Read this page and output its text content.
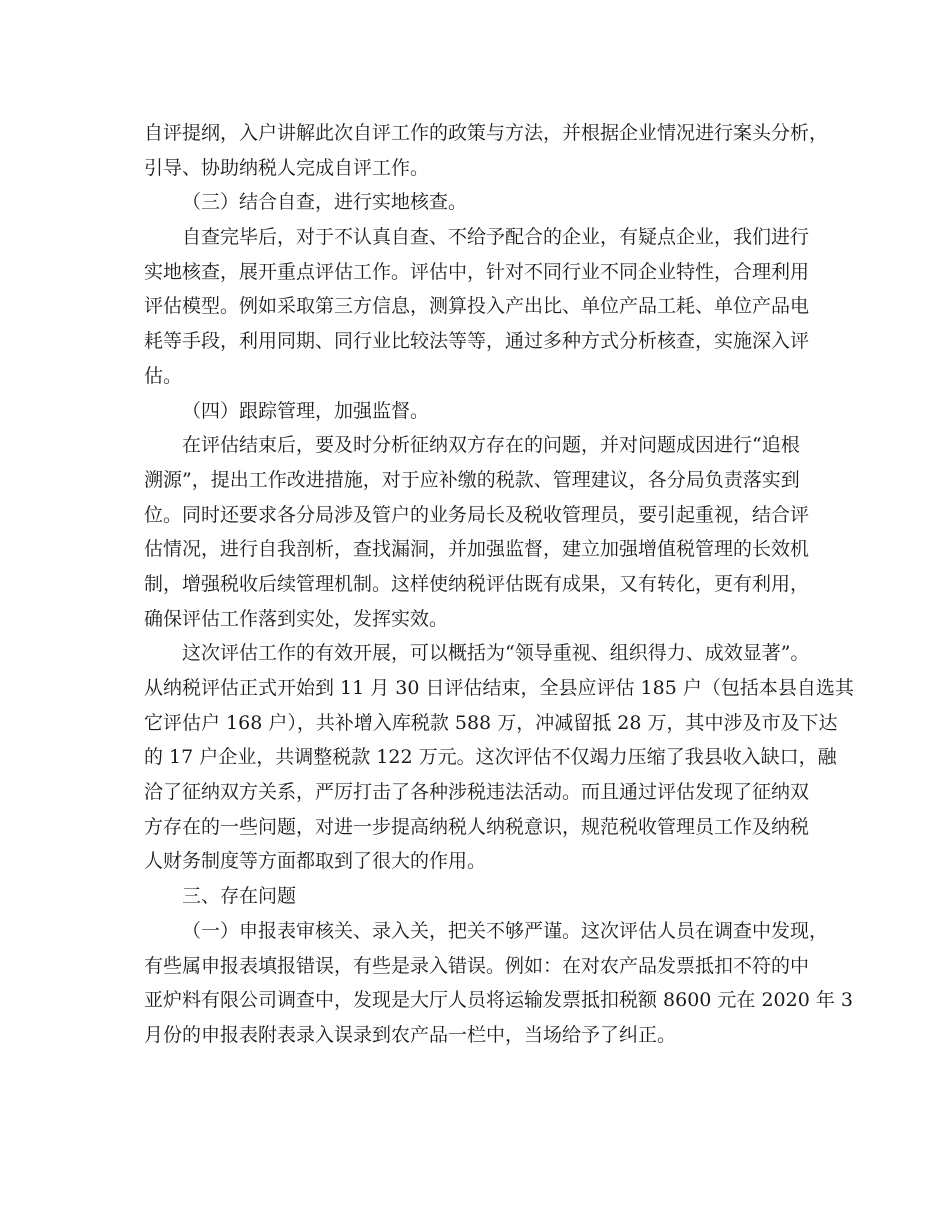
自评提纲，入户讲解此次自评工作的政策与方法，并根据企业情况进行案头分析，
引导、协助纳税人完成自评工作。

（三）结合自查，进行实地核查。

自查完毕后，对于不认真自查、不给予配合的企业，有疑点企业，我们进行
实地核查，展开重点评估工作。评估中，针对不同行业不同企业特性，合理利用
评估模型。例如采取第三方信息，测算投入产出比、单位产品工耗、单位产品电
耗等手段，利用同期、同行业比较法等等，通过多种方式分析核查，实施深入评
估。

（四）跟踪管理，加强监督。

在评估结束后，要及时分析征纳双方存在的问题，并对问题成因进行“追根
溯源”，提出工作改进措施，对于应补缴的税款、管理建议，各分局负责落实到
位。同时还要求各分局涉及管户的业务局长及税收管理员，要引起重视，结合评
估情况，进行自我剖析，查找漏洞，并加强监督，建立加强增值税管理的长效机
制，增强税收后续管理机制。这样使纳税评估既有成果，又有转化，更有利用，
确保评估工作落到实处，发挥实效。

这次评估工作的有效开展，可以概括为“领导重视、组织得力、成效显著”。
从纳税评估正式开始到 11 月 30 日评估结束，全县应评估 185 户（包括本县自选其
它评估户 168 户），共补增入库税款 588 万，冲减留抵 28 万，其中涉及市及下达
的 17 户企业，共调整税款 122 万元。这次评估不仅竭力压缩了我县收入缺口，融
洽了征纳双方关系，严厉打击了各种涉税违法活动。而且通过评估发现了征纳双
方存在的一些问题，对进一步提高纳税人纳税意识，规范税收管理员工作及纳税
人财务制度等方面都取到了很大的作用。

三、存在问题

（一）申报表审核关、录入关，把关不够严谨。这次评估人员在调查中发现，
有些属申报表填报错误，有些是录入错误。例如：在对农产品发票抵扣不符的中
亚炉料有限公司调查中，发现是大厅人员将运输发票抵扣税额 8600 元在 2020 年 3
月份的申报表附表录入误录到农产品一栏中，当场给予了纠正。
